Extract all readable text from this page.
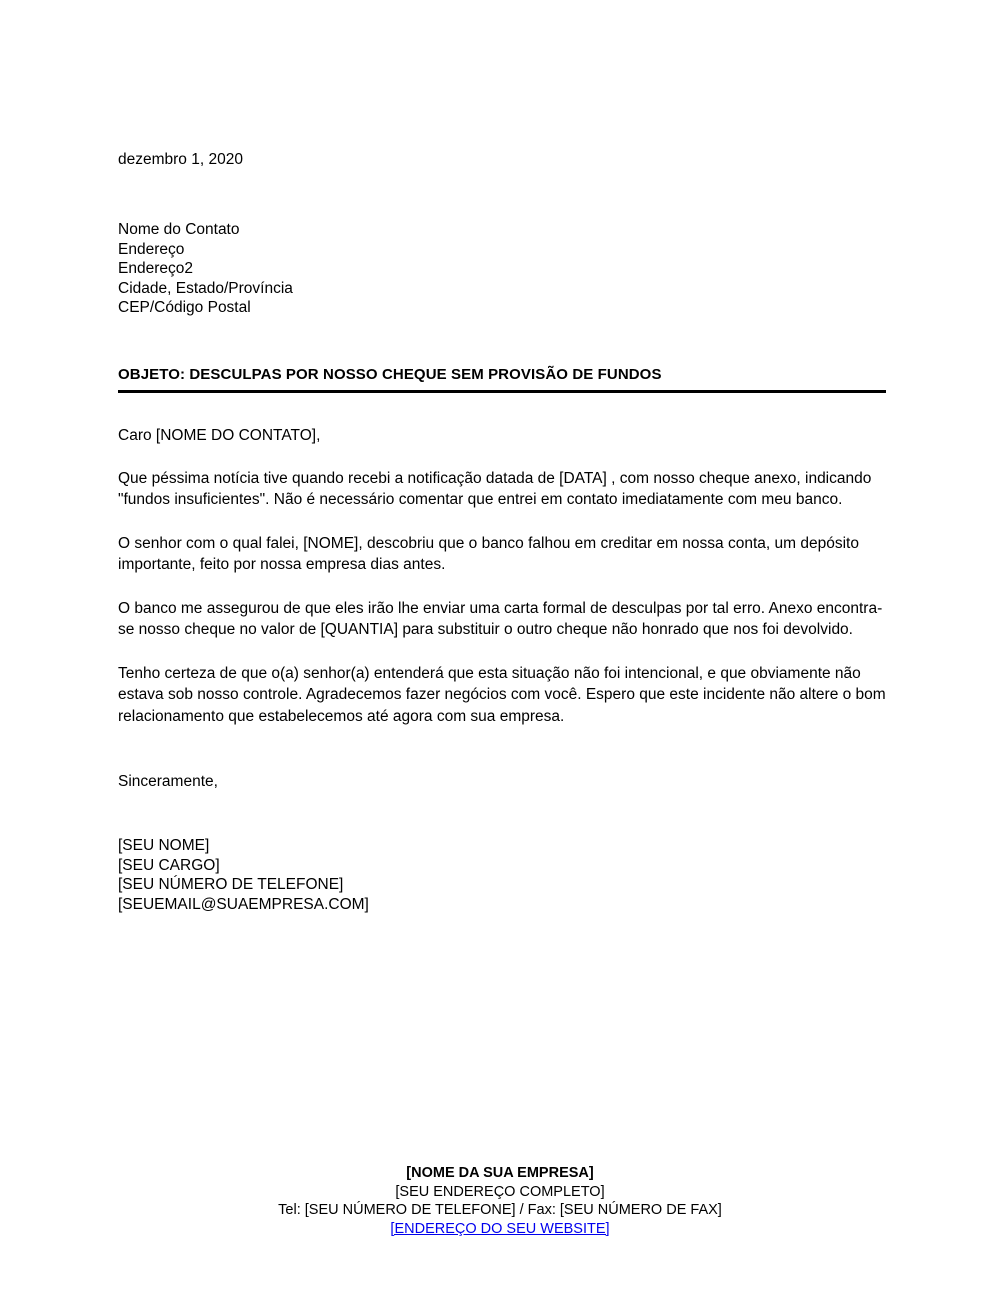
dezembro 1, 2020

Nome do Contato
Endereço
Endereço2
Cidade, Estado/Província
CEP/Código Postal

OBJETO: DESCULPAS POR NOSSO CHEQUE SEM PROVISÃO DE FUNDOS

Caro [NOME DO CONTATO],

Que péssima notícia tive quando recebi a notificação datada de [DATA] , com nosso cheque anexo, indicando "fundos insuficientes". Não é necessário comentar que entrei em contato imediatamente com meu banco.

O senhor com o qual falei, [NOME], descobriu que o banco falhou em creditar em nossa conta, um depósito importante, feito por nossa empresa dias antes.

O banco me assegurou de que eles irão lhe enviar uma carta formal de desculpas por tal erro. Anexo encontra-se nosso cheque no valor de [QUANTIA] para substituir o outro cheque não honrado que nos foi devolvido.

Tenho certeza de que o(a) senhor(a) entenderá que esta situação não foi intencional, e que obviamente não estava sob nosso controle. Agradecemos fazer negócios com você. Espero que este incidente não altere o bom relacionamento que estabelecemos até agora com sua empresa.

Sinceramente,

[SEU NOME]
[SEU CARGO]
[SEU NÚMERO DE TELEFONE]
[SEUEMAIL@SUAEMPRESA.COM]

[NOME DA SUA EMPRESA]

[SEU ENDEREÇO COMPLETO]

Tel: [SEU NÚMERO DE TELEFONE] / Fax: [SEU NÚMERO DE FAX]

[ENDEREÇO DO SEU WEBSITE]
